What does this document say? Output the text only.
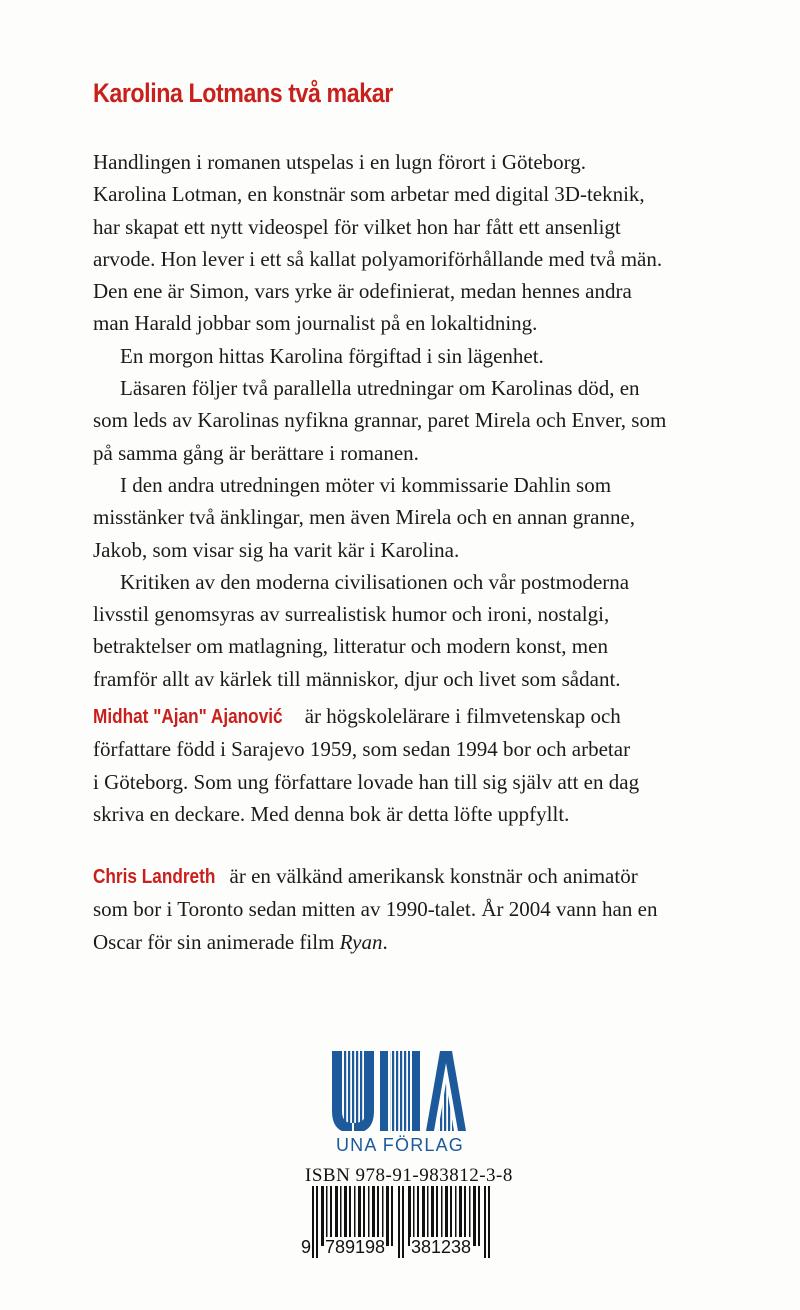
Karolina Lotmans två makar

Handlingen i romanen utspelas i en lugn förort i Göteborg.
Karolina Lotman, en konstnär som arbetar med digital 3D-teknik,
har skapat ett nytt videospel för vilket hon har fått ett ansenligt
arvode. Hon lever i ett så kallat polyamoriförhållande med två män.
Den ene är Simon, vars yrke är odefinierat, medan hennes andra
man Harald jobbar som journalist på en lokaltidning.

En morgon hittas Karolina förgiftad i sin lägenhet.

Läsaren följer två parallella utredningar om Karolinas död, en
som leds av Karolinas nyfikna grannar, paret Mirela och Enver, som
på samma gång är berättare i romanen.

I den andra utredningen möter vi kommissarie Dahlin som
misstänker två änklingar, men även Mirela och en annan granne,
Jakob, som visar sig ha varit kär i Karolina.

Kritiken av den moderna civilisationen och vår postmoderna
livsstil genomsyras av surrealistisk humor och ironi, nostalgi,
betraktelser om matlagning, litteratur och modern konst, men
framför allt av kärlek till människor, djur och livet som sådant.

Midhat "Ajan" Ajanović är högskolelärare i filmvetenskap och
författare född i Sarajevo 1959, som sedan 1994 bor och arbetar
i Göteborg. Som ung författare lovade han till sig själv att en dag
skriva en deckare. Med denna bok är detta löfte uppfyllt.

Chris Landreth är en välkänd amerikansk konstnär och animatör
som bor i Toronto sedan mitten av 1990-talet. År 2004 vann han en
Oscar för sin animerade film Ryan.

UNA FÖRLAG
ISBN 978-91-983812-3-8
9 789198 381238
